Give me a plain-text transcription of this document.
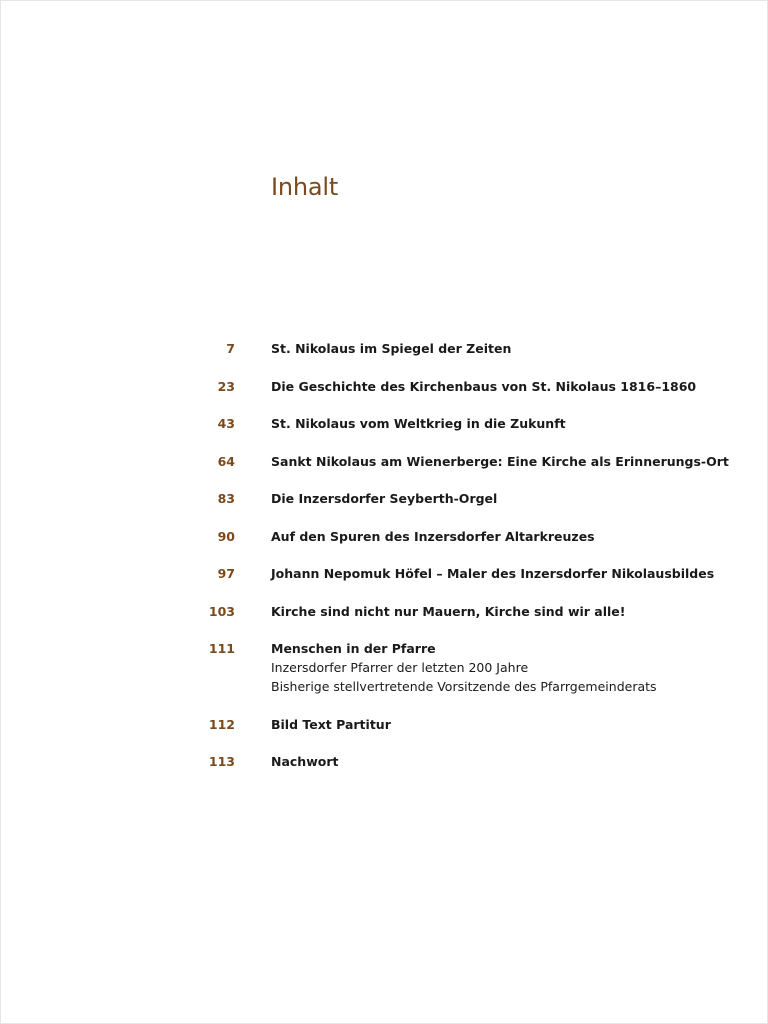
Inhalt
7	St. Nikolaus im Spiegel der Zeiten
23	Die Geschichte des Kirchenbaus von St. Nikolaus 1816–1860
43	St. Nikolaus vom Weltkrieg in die Zukunft
64	Sankt Nikolaus am Wienerberge: Eine Kirche als Erinnerungs-Ort
83	Die Inzersdorfer Seyberth-Orgel
90	Auf den Spuren des Inzersdorfer Altarkreuzes
97	Johann Nepomuk Höfel – Maler des Inzersdorfer Nikolausbildes
103	Kirche sind nicht nur Mauern, Kirche sind wir alle!
111	Menschen in der Pfarre
Inzersdorfer Pfarrer der letzten 200 Jahre
Bisherige stellvertretende Vorsitzende des Pfarrgemeinderats
112	Bild Text Partitur
113	Nachwort
